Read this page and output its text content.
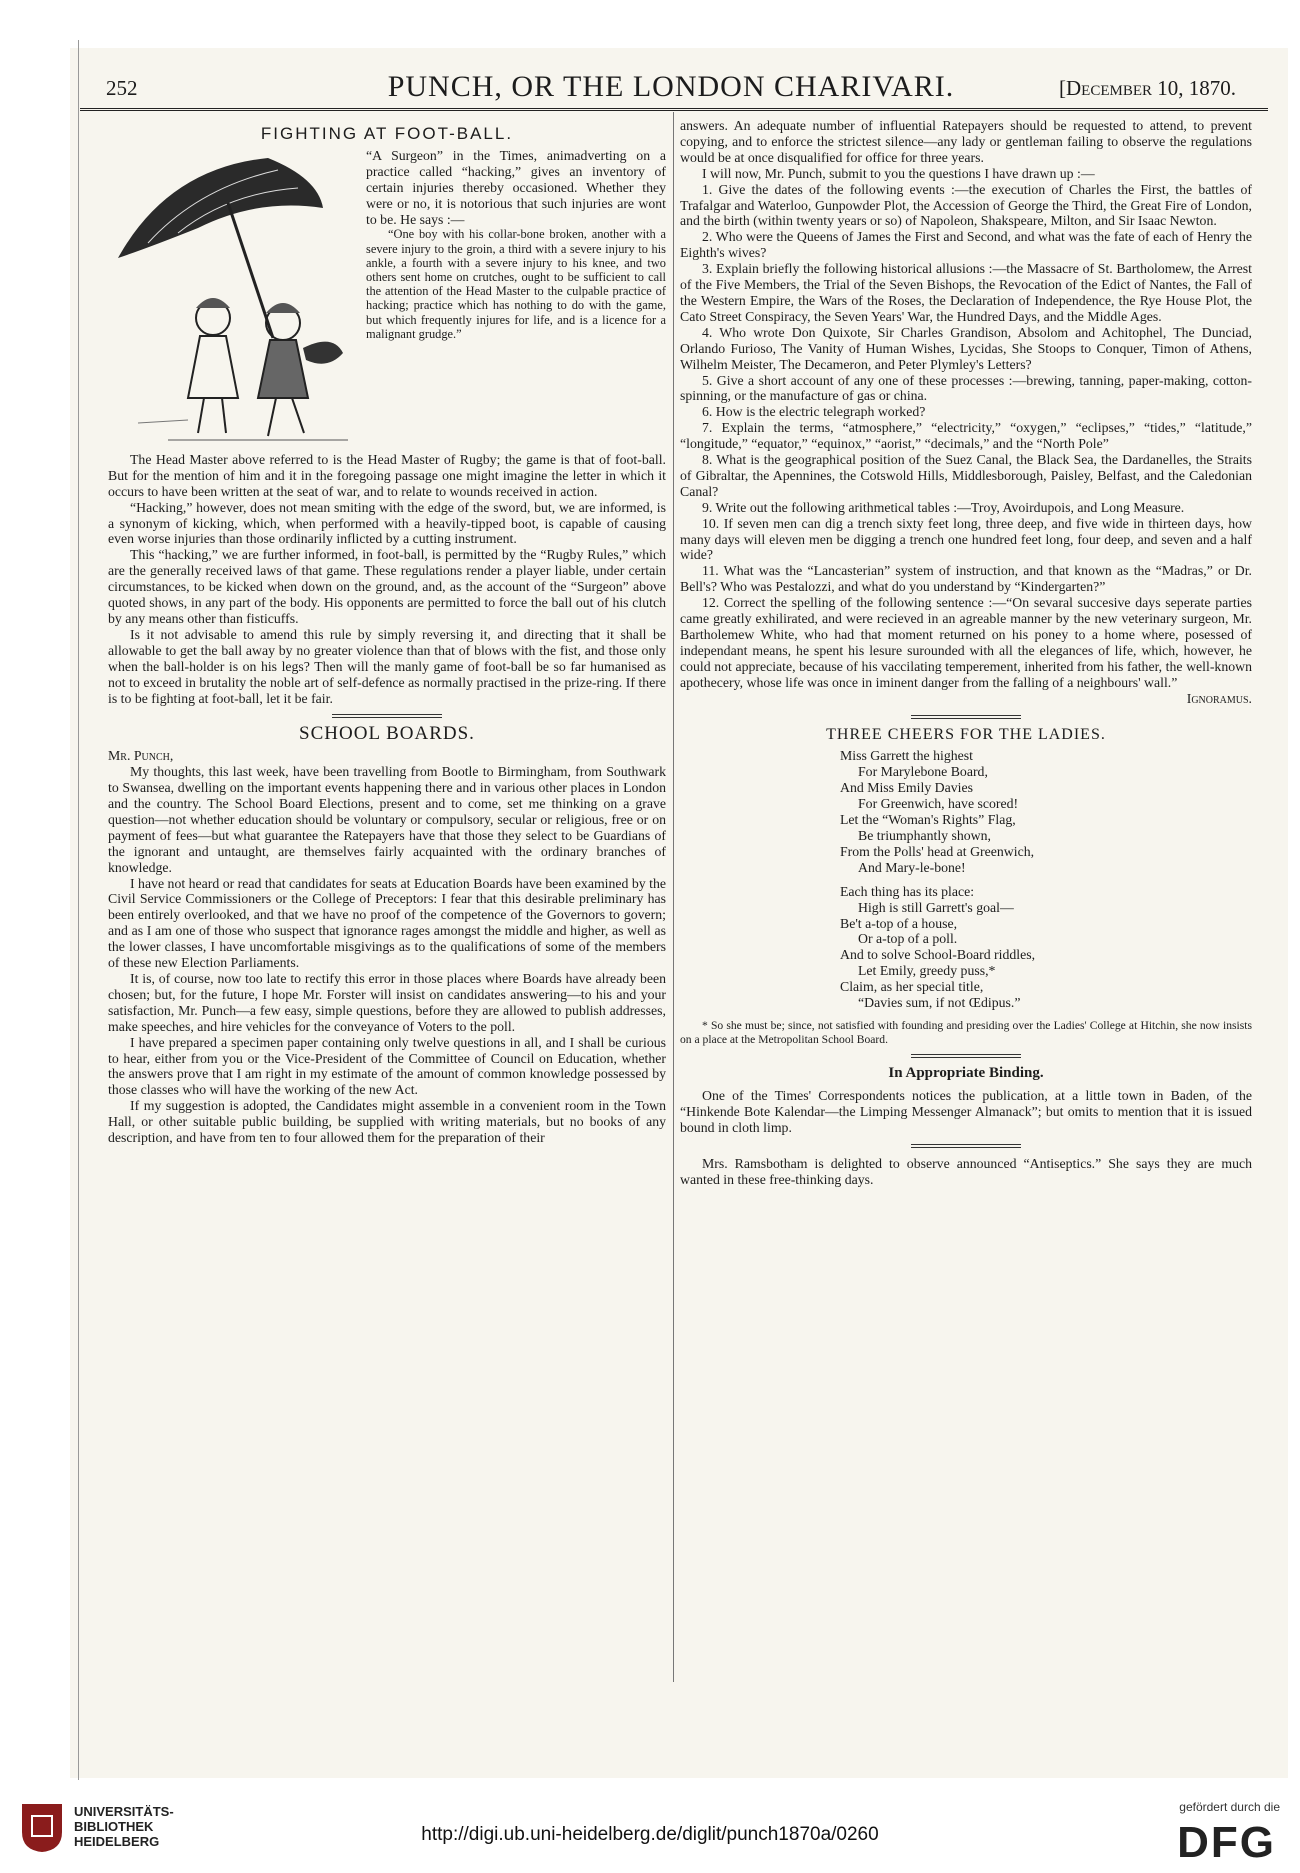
252	PUNCH, OR THE LONDON CHARIVARI.	[December 10, 1870.
FIGHTING AT FOOT-BALL.

“A Surgeon” in the Times, animadverting on a practice called “hacking,” gives an inventory of certain injuries thereby occasioned. Whether they were or no, it is notorious that such injuries are wont to be. He says :—

“One boy with his collar-bone broken, another with a severe injury to the groin, a third with a severe injury to his ankle, a fourth with a severe injury to his knee, and two others sent home on crutches, ought to be sufficient to call the attention of the Head Master to the culpable practice of hacking; practice which has nothing to do with the game, but which frequently injures for life, and is a licence for a malignant grudge.”

The Head Master above referred to is the Head Master of Rugby; the game is that of foot-ball. But for the mention of him and it in the foregoing passage one might imagine the letter in which it occurs to have been written at the seat of war, and to relate to wounds received in action.

“Hacking,” however, does not mean smiting with the edge of the sword, but, we are informed, is a synonym of kicking, which, when performed with a heavily-tipped boot, is capable of causing even worse injuries than those ordinarily inflicted by a cutting instrument.

This “hacking,” we are further informed, in foot-ball, is permitted by the “Rugby Rules,” which are the generally received laws of that game. These regulations render a player liable, under certain circumstances, to be kicked when down on the ground, and, as the account of the “Surgeon” above quoted shows, in any part of the body. His opponents are permitted to force the ball out of his clutch by any means other than fisticuffs.

Is it not advisable to amend this rule by simply reversing it, and directing that it shall be allowable to get the ball away by no greater violence than that of blows with the fist, and those only when the ball-holder is on his legs? Then will the manly game of foot-ball be so far humanised as not to exceed in brutality the noble art of self-defence as normally practised in the prize-ring. If there is to be fighting at foot-ball, let it be fair.

SCHOOL BOARDS.

Mr. Punch,

My thoughts, this last week, have been travelling from Bootle to Birmingham, from Southwark to Swansea, dwelling on the important events happening there and in various other places in London and the country. The School Board Elections, present and to come, set me thinking on a grave question—not whether education should be voluntary or compulsory, secular or religious, free or on payment of fees—but what guarantee the Ratepayers have that those they select to be Guardians of the ignorant and untaught, are themselves fairly acquainted with the ordinary branches of knowledge.

I have not heard or read that candidates for seats at Education Boards have been examined by the Civil Service Commissioners or the College of Preceptors: I fear that this desirable preliminary has been entirely overlooked, and that we have no proof of the competence of the Governors to govern; and as I am one of those who suspect that ignorance rages amongst the middle and higher, as well as the lower classes, I have uncomfortable misgivings as to the qualifications of some of the members of these new Election Parliaments.

It is, of course, now too late to rectify this error in those places where Boards have already been chosen; but, for the future, I hope Mr. Forster will insist on candidates answering—to his and your satisfaction, Mr. Punch—a few easy, simple questions, before they are allowed to publish addresses, make speeches, and hire vehicles for the conveyance of Voters to the poll.

I have prepared a specimen paper containing only twelve questions in all, and I shall be curious to hear, either from you or the Vice-President of the Committee of Council on Education, whether the answers prove that I am right in my estimate of the amount of common knowledge possessed by those classes who will have the working of the new Act.

If my suggestion is adopted, the Candidates might assemble in a convenient room in the Town Hall, or other suitable public building, be supplied with writing materials, but no books of any description, and have from ten to four allowed them for the preparation of their

answers. An adequate number of influential Ratepayers should be requested to attend, to prevent copying, and to enforce the strictest silence—any lady or gentleman failing to observe the regulations would be at once disqualified for office for three years.

I will now, Mr. Punch, submit to you the questions I have drawn up :—

1. Give the dates of the following events :—the execution of Charles the First, the battles of Trafalgar and Waterloo, Gunpowder Plot, the Accession of George the Third, the Great Fire of London, and the birth (within twenty years or so) of Napoleon, Shakspeare, Milton, and Sir Isaac Newton.

2. Who were the Queens of James the First and Second, and what was the fate of each of Henry the Eighth's wives?

3. Explain briefly the following historical allusions :—the Massacre of St. Bartholomew, the Arrest of the Five Members, the Trial of the Seven Bishops, the Revocation of the Edict of Nantes, the Fall of the Western Empire, the Wars of the Roses, the Declaration of Independence, the Rye House Plot, the Cato Street Conspiracy, the Seven Years' War, the Hundred Days, and the Middle Ages.

4. Who wrote Don Quixote, Sir Charles Grandison, Absolom and Achitophel, The Dunciad, Orlando Furioso, The Vanity of Human Wishes, Lycidas, She Stoops to Conquer, Timon of Athens, Wilhelm Meister, The Decameron, and Peter Plymley's Letters?

5. Give a short account of any one of these processes :—brewing, tanning, paper-making, cotton-spinning, or the manufacture of gas or china.

6. How is the electric telegraph worked?

7. Explain the terms, “atmosphere,” “electricity,” “oxygen,” “eclipses,” “tides,” “latitude,” “longitude,” “equator,” “equinox,” “aorist,” “decimals,” and the “North Pole”

8. What is the geographical position of the Suez Canal, the Black Sea, the Dardanelles, the Straits of Gibraltar, the Apennines, the Cotswold Hills, Middlesborough, Paisley, Belfast, and the Caledonian Canal?

9. Write out the following arithmetical tables :—Troy, Avoirdupois, and Long Measure.

10. If seven men can dig a trench sixty feet long, three deep, and five wide in thirteen days, how many days will eleven men be digging a trench one hundred feet long, four deep, and seven and a half wide?

11. What was the “Lancasterian” system of instruction, and that known as the “Madras,” or Dr. Bell's? Who was Pestalozzi, and what do you understand by “Kindergarten?”

12. Correct the spelling of the following sentence :—“On sevaral succesive days seperate parties came greatly exhilirated, and were recieved in an agreable manner by the new veterinary surgeon, Mr. Bartholemew White, who had that moment returned on his poney to a home where, posessed of independant means, he spent his lesure surounded with all the elegances of life, which, however, he could not appreciate, because of his vaccilating temperement, inherited from his father, the well-known apothecery, whose life was once in iminent danger from the falling of a neighbours' wall.”

Ignoramus.

THREE CHEERS FOR THE LADIES.

Miss Garrett the highest

For Marylebone Board,

And Miss Emily Davies

For Greenwich, have scored!

Let the “Woman's Rights” Flag,

Be triumphantly shown,

From the Polls' head at Greenwich,

And Mary-le-bone!

Each thing has its place:

High is still Garrett's goal—

Be't a-top of a house,

Or a-top of a poll.

And to solve School-Board riddles,

Let Emily, greedy puss,*

Claim, as her special title,

“Davies sum, if not Œdipus.”

* So she must be; since, not satisfied with founding and presiding over the Ladies' College at Hitchin, she now insists on a place at the Metropolitan School Board.

In Appropriate Binding.

One of the Times' Correspondents notices the publication, at a little town in Baden, of the “Hinkende Bote Kalendar—the Limping Messenger Almanack”; but omits to mention that it is issued bound in cloth limp.

Mrs. Ramsbotham is delighted to observe announced “Antiseptics.” She says they are much wanted in these free-thinking days.

UNIVERSITÄTS-
BIBLIOTHEK
HEIDELBERG	http://digi.ub.uni-heidelberg.de/diglit/punch1870a/0260
gefördert durch die
DFG
